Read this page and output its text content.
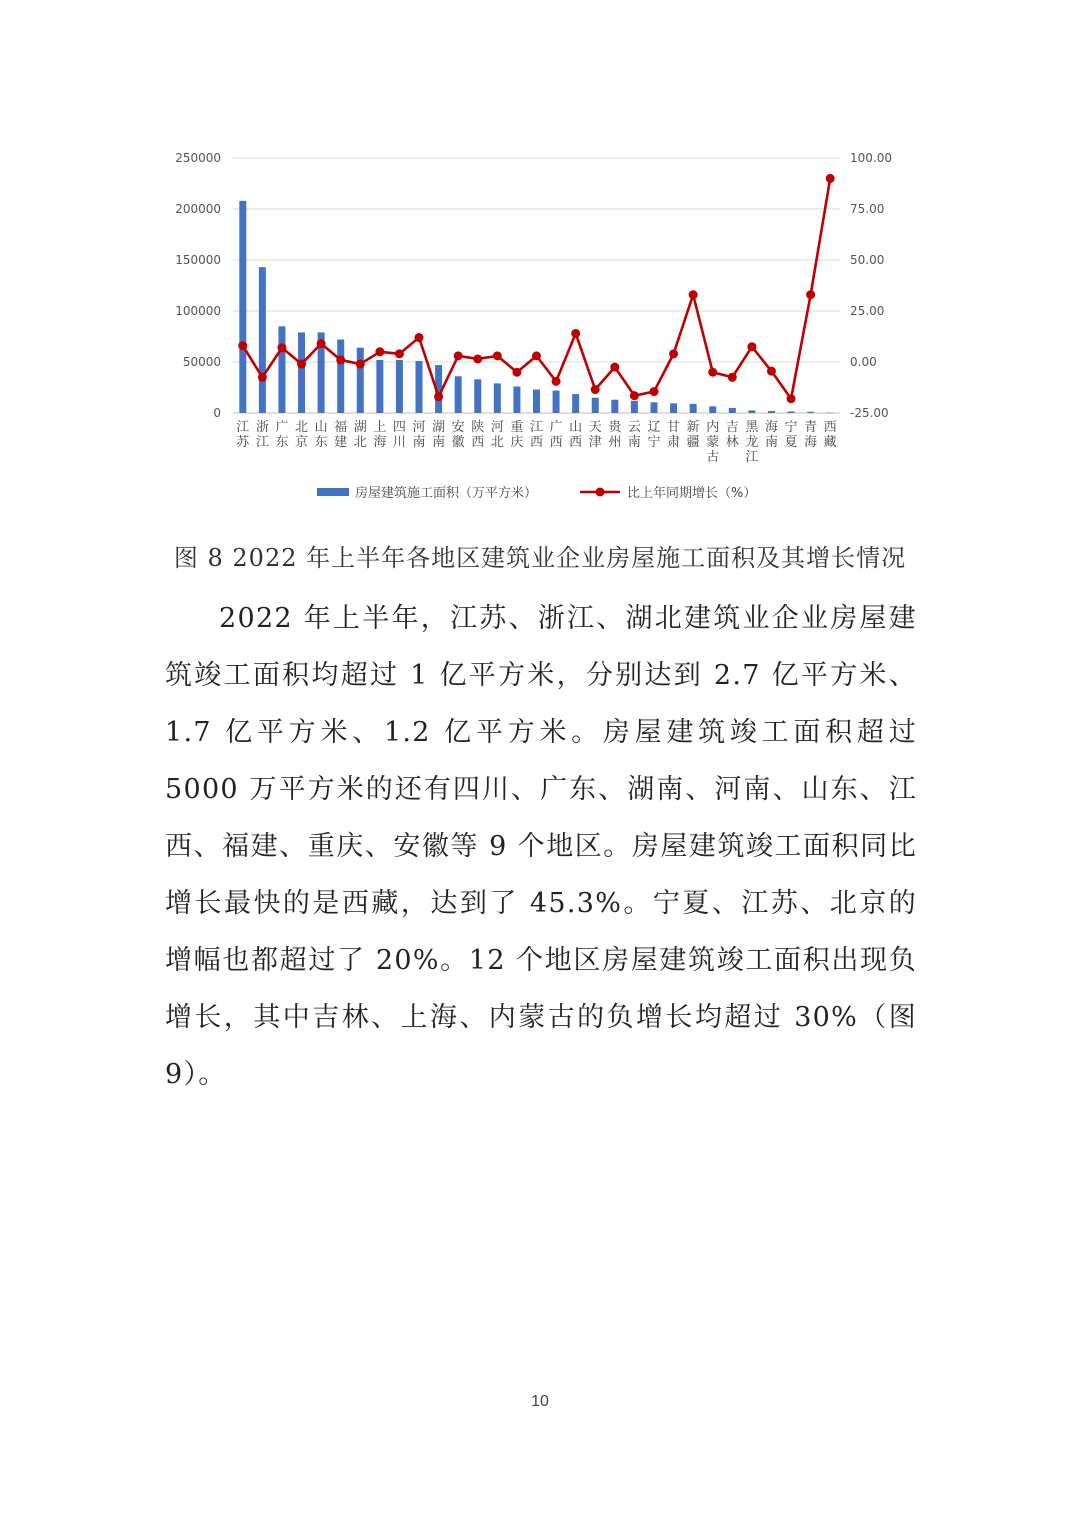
0
50000
100000
150000
200000
250000
-25.00
0.00
25.00
50.00
75.00
100.00
江苏
浙江
广东
北京
山东
福建
湖北
上海
四川
河南
湖南
安徽
陕西
河北
重庆
江西
广西
山西
天津
贵州
云南
辽宁
甘肃
新疆
内蒙古
吉林
黑龙江
海南
宁夏
青海
西藏
房屋建筑施工面积（万平方米）	比上年同期增长（%）
图 8 2022 年上半年各地区建筑业企业房屋施工面积及其增长情况

2022 年上半年，江苏、浙江、湖北建筑业企业房屋建筑竣工面积均超过 1 亿平方米，分别达到 2.7 亿平方米、1.7 亿平方米、1.2 亿平方米。房屋建筑竣工面积超过 5000 万平方米的还有四川、广东、湖南、河南、山东、江西、福建、重庆、安徽等 9 个地区。房屋建筑竣工面积同比增长最快的是西藏，达到了 45.3%。宁夏、江苏、北京的增幅也都超过了 20%。12 个地区房屋建筑竣工面积出现负增长，其中吉林、上海、内蒙古的负增长均超过 30%（图 9）。

10
